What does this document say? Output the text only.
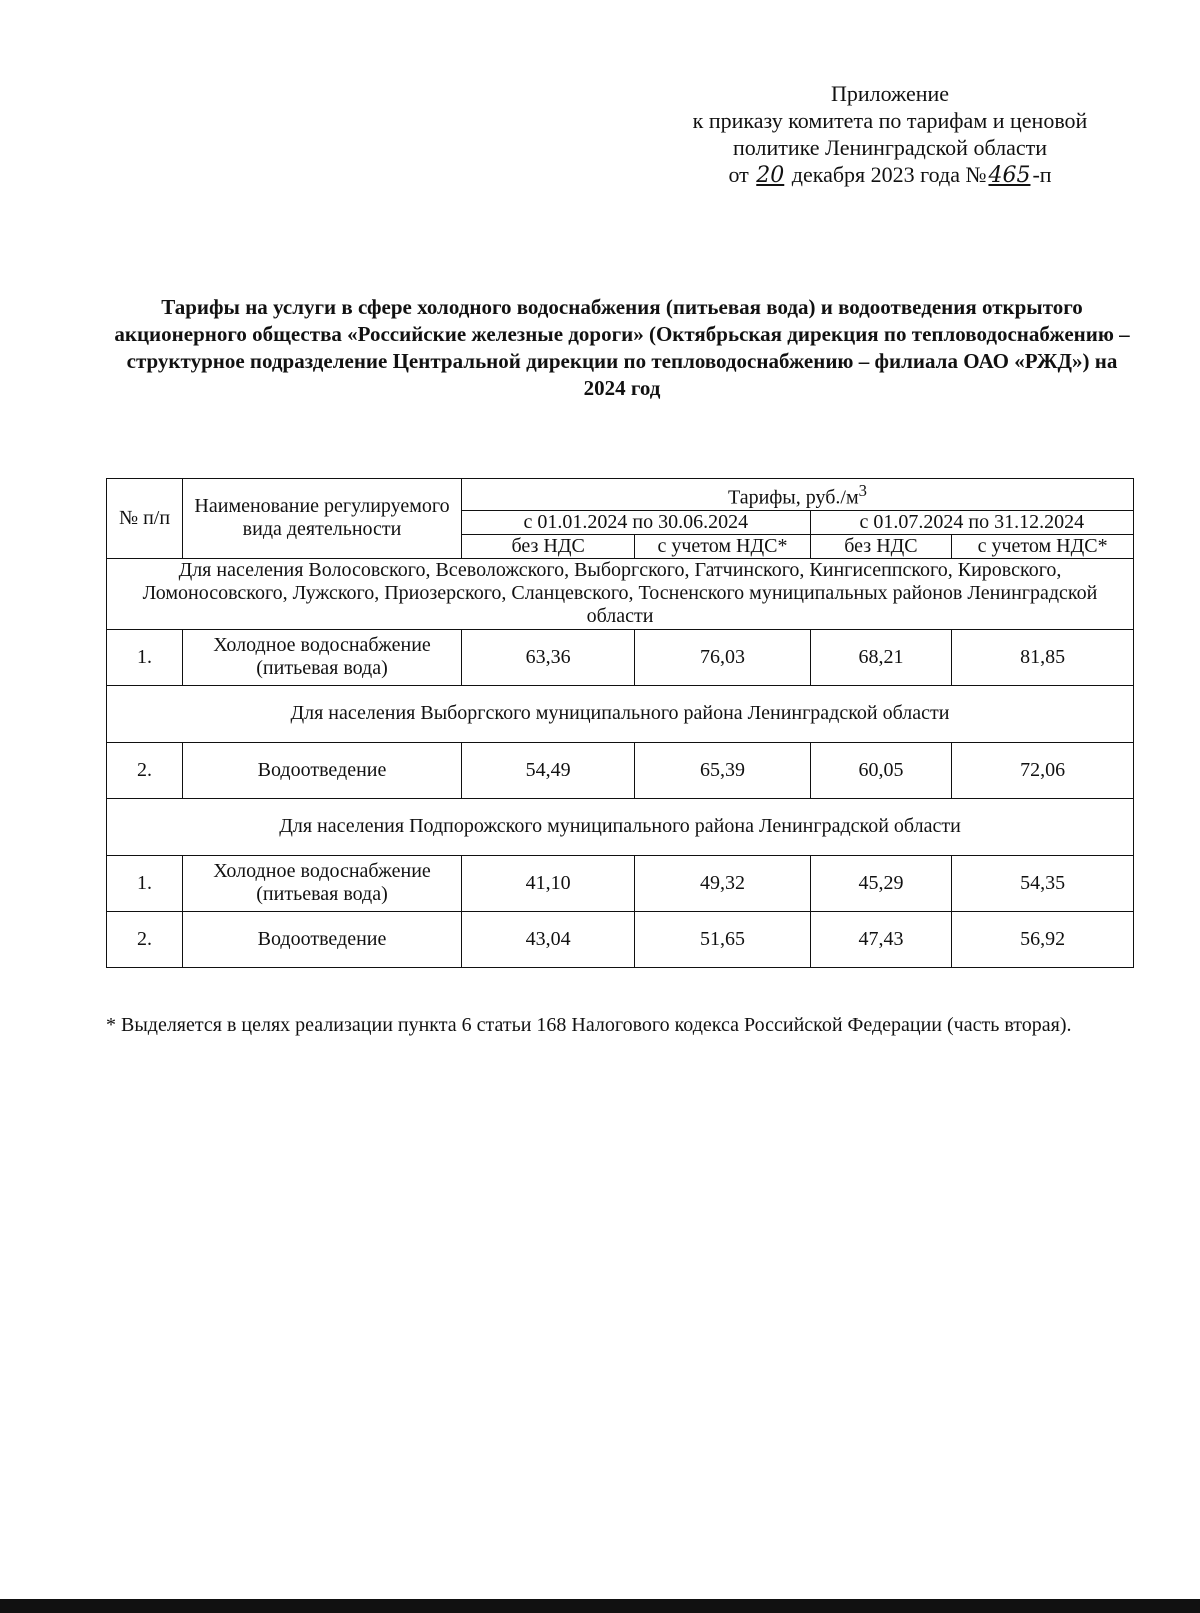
Приложение
к приказу комитета по тарифам и ценовой
политике Ленинградской области
от 20 декабря 2023 года №465-п
Тарифы на услуги в сфере холодного водоснабжения (питьевая вода) и водоотведения открытого акционерного общества «Российские железные дороги» (Октябрьская дирекция по тепловодоснабжению – структурное подразделение Центральной дирекции по тепловодоснабжению – филиала ОАО «РЖД») на 2024 год
№ п/п	Наименование регулируемого вида деятельности	Тарифы, $руб./м^3$
		с 01.01.2024 по 30.06.2024		с 01.07.2024 по 31.12.2024	
		без НДС	с учетом НДС*	без НДС	с учетом НДС*
Для населения Волосовского, Всеволожского, Выборгского, Гатчинского, Кингисеппского, Кировского, Ломоносовского, Лужского, Приозерского, Сланцевского, Тосненского муниципальных районов Ленинградской области					
1.	Холодное водоснабжение (питьевая вода)	63,36	76,03	68,21	81,85
Для населения Выборгского муниципального района Ленинградской области					
2.	Водоотведение	54,49	65,39	60,05	72,06
Для населения Подпорожского муниципального района Ленинградской области					
1.	Холодное водоснабжение (питьевая вода)	41,10	49,32	45,29	54,35
2.	Водоотведение	43,04	51,65	47,43	56,92

* Выделяется в целях реализации пункта 6 статьи 168 Налогового кодекса Российской Федерации (часть вторая).
